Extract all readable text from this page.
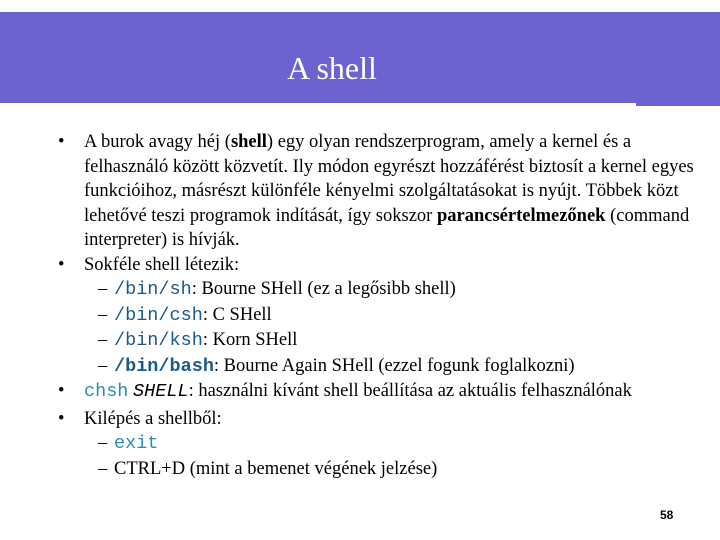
A shell
• A burok avagy héj (shell) egy olyan rendszerprogram, amely a kernel és a felhasználó között közvetít. Ily módon egyrészt hozzáférést biztosít a kernel egyes funkcióihoz, másrészt különféle kényelmi szolgáltatásokat is nyújt. Többek közt lehetővé teszi programok indítását, így sokszor parancsértelmezőnek (command interpreter) is hívják.
• Sokféle shell létezik:
– /bin/sh: Bourne SHell (ez a legősibb shell)
– /bin/csh: C SHell
– /bin/ksh: Korn SHell
– /bin/bash: Bourne Again SHell (ezzel fogunk foglalkozni)
• chsh SHELL: használni kívánt shell beállítása az aktuális felhasználónak
• Kilépés a shellből:
– exit
– CTRL+D (mint a bemenet végének jelzése)
58
